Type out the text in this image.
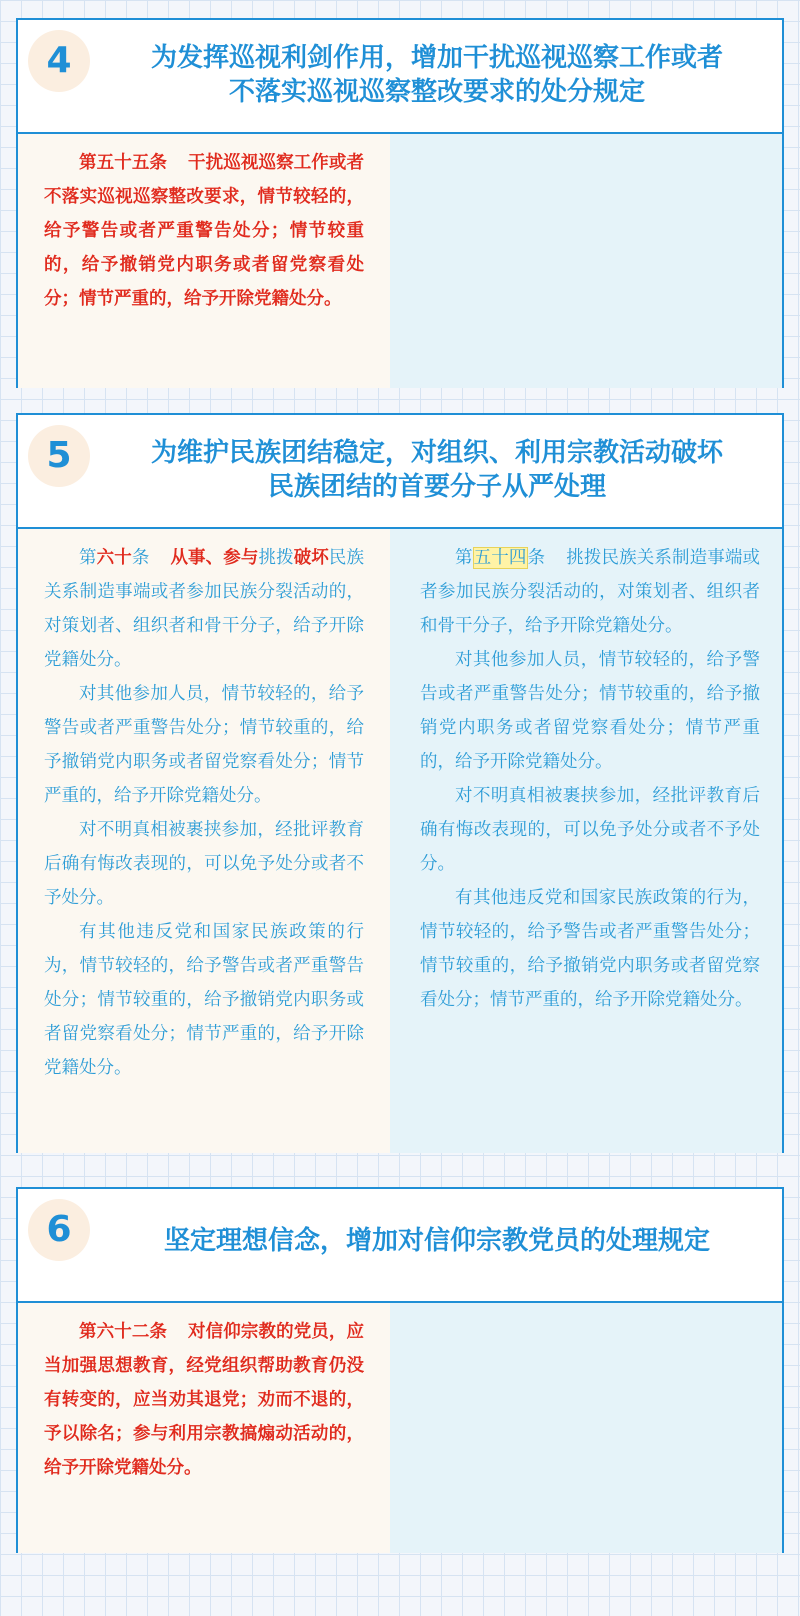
4	为发挥巡视利剑作用，增加干扰巡视巡察工作或者
不落实巡视巡察整改要求的处分规定

第五十五条 干扰巡视巡察工作或者不落实巡视巡察整改要求，情节较轻的，给予警告或者严重警告处分；情节较重的，给予撤销党内职务或者留党察看处分；情节严重的，给予开除党籍处分。

5	为维护民族团结稳定，对组织、利用宗教活动破坏
民族团结的首要分子从严处理

第六十条 从事、参与挑拨破坏民族关系制造事端或者参加民族分裂活动的，对策划者、组织者和骨干分子，给予开除党籍处分。

对其他参加人员，情节较轻的，给予警告或者严重警告处分；情节较重的，给予撤销党内职务或者留党察看处分；情节严重的，给予开除党籍处分。

对不明真相被裹挟参加，经批评教育后确有悔改表现的，可以免予处分或者不予处分。

有其他违反党和国家民族政策的行为，情节较轻的，给予警告或者严重警告处分；情节较重的，给予撤销党内职务或者留党察看处分；情节严重的，给予开除党籍处分。

第五十四条 挑拨民族关系制造事端或者参加民族分裂活动的，对策划者、组织者和骨干分子，给予开除党籍处分。

对其他参加人员，情节较轻的，给予警告或者严重警告处分；情节较重的，给予撤销党内职务或者留党察看处分；情节严重的，给予开除党籍处分。

对不明真相被裹挟参加，经批评教育后确有悔改表现的，可以免予处分或者不予处分。

有其他违反党和国家民族政策的行为，情节较轻的，给予警告或者严重警告处分；情节较重的，给予撤销党内职务或者留党察看处分；情节严重的，给予开除党籍处分。

6	坚定理想信念，增加对信仰宗教党员的处理规定

第六十二条 对信仰宗教的党员，应当加强思想教育，经党组织帮助教育仍没有转变的，应当劝其退党；劝而不退的，予以除名；参与利用宗教搞煽动活动的，给予开除党籍处分。
